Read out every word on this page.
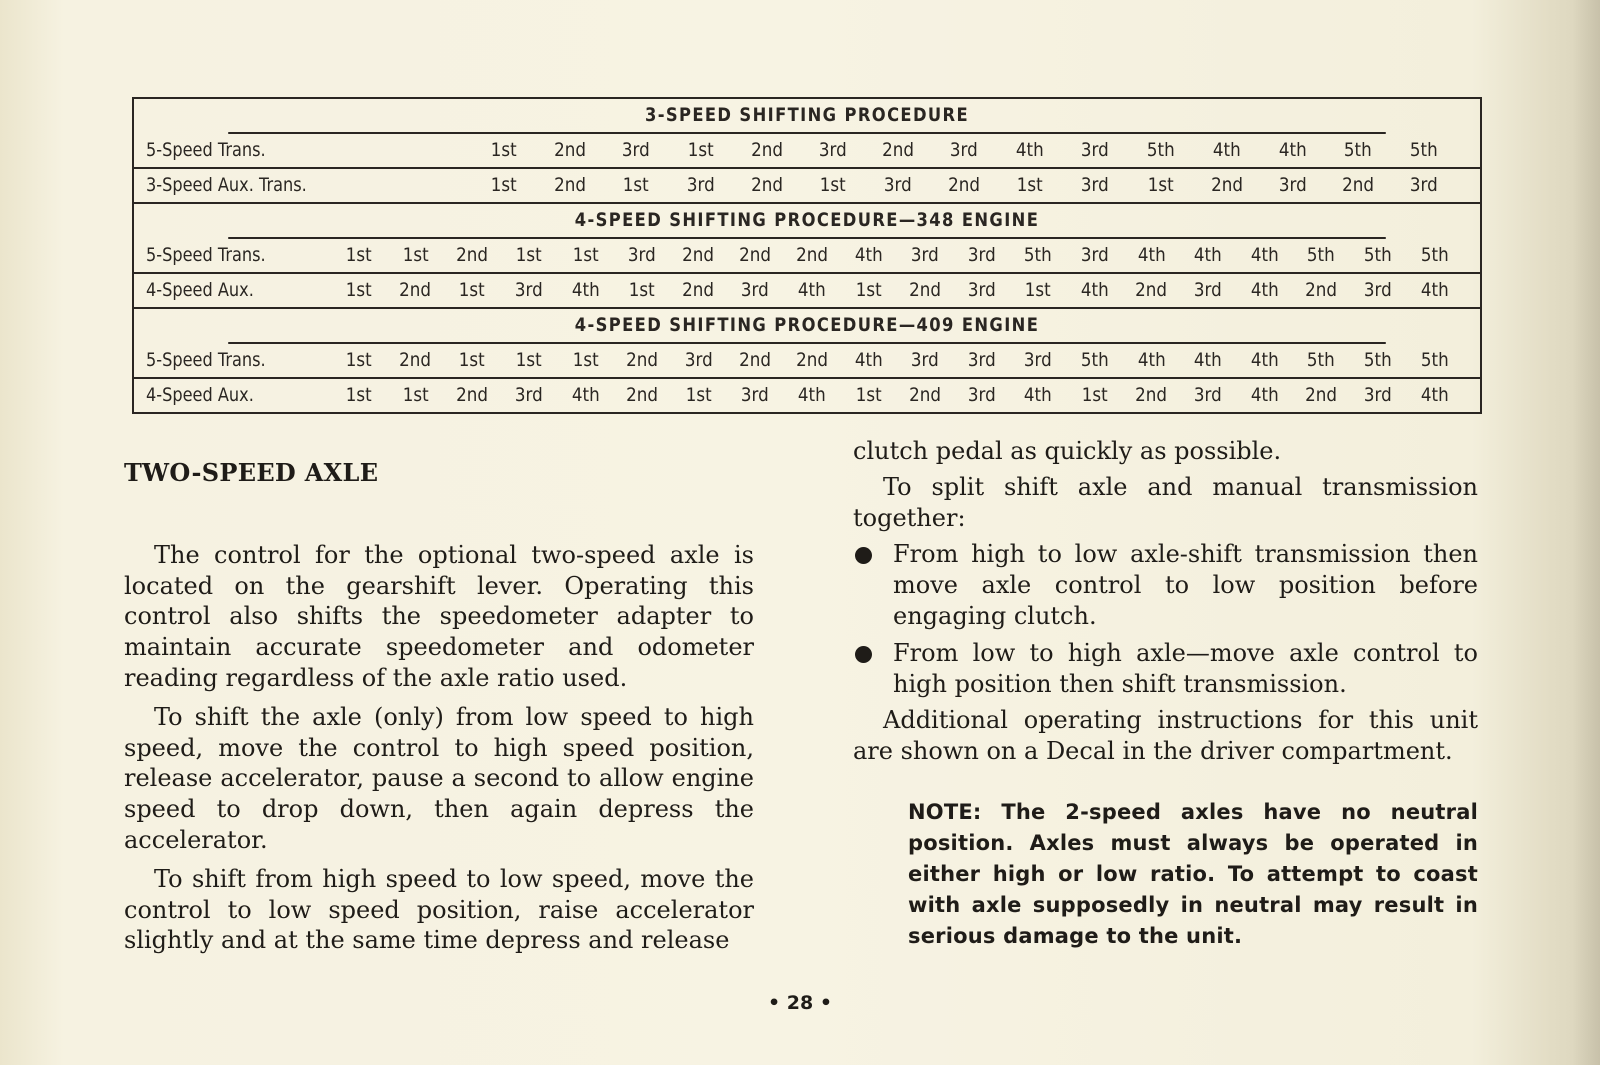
3-SPEED SHIFTING PROCEDURE
5-Speed Trans.	1st	2nd	3rd	1st	2nd	3rd	2nd	3rd	4th	3rd	5th	4th	4th	5th	5th
3-Speed Aux. Trans.	1st	2nd	1st	3rd	2nd	1st	3rd	2nd	1st	3rd	1st	2nd	3rd	2nd	3rd
4-SPEED SHIFTING PROCEDURE—348 ENGINE
5-Speed Trans.	1st	1st	2nd	1st	1st	3rd	2nd	2nd	2nd	4th	3rd	3rd	5th	3rd	4th	4th	4th	5th	5th	5th
4-Speed Aux.	1st	2nd	1st	3rd	4th	1st	2nd	3rd	4th	1st	2nd	3rd	1st	4th	2nd	3rd	4th	2nd	3rd	4th
4-SPEED SHIFTING PROCEDURE—409 ENGINE
5-Speed Trans.	1st	2nd	1st	1st	1st	2nd	3rd	2nd	2nd	4th	3rd	3rd	3rd	5th	4th	4th	4th	5th	5th	5th
4-Speed Aux.	1st	1st	2nd	3rd	4th	2nd	1st	3rd	4th	1st	2nd	3rd	4th	1st	2nd	3rd	4th	2nd	3rd	4th
TWO-SPEED AXLE

The control for the optional two-speed axle is located on the gearshift lever. Operating this control also shifts the speedometer adapter to maintain accurate speedometer and odometer reading regardless of the axle ratio used.

To shift the axle (only) from low speed to high speed, move the control to high speed position, release accelerator, pause a second to allow engine speed to drop down, then again depress the accelerator.

To shift from high speed to low speed, move the control to low speed position, raise accelerator slightly and at the same time depress and release

clutch pedal as quickly as possible.

To split shift axle and manual transmission together:

From high to low axle-shift transmission then move axle control to low position before engaging clutch.
From low to high axle—move axle control to high position then shift transmission.

Additional operating instructions for this unit are shown on a Decal in the driver compartment.

NOTE: The 2-speed axles have no neutral position. Axles must always be operated in either high or low ratio. To attempt to coast with axle supposedly in neutral may result in serious damage to the unit.
• 28 •
